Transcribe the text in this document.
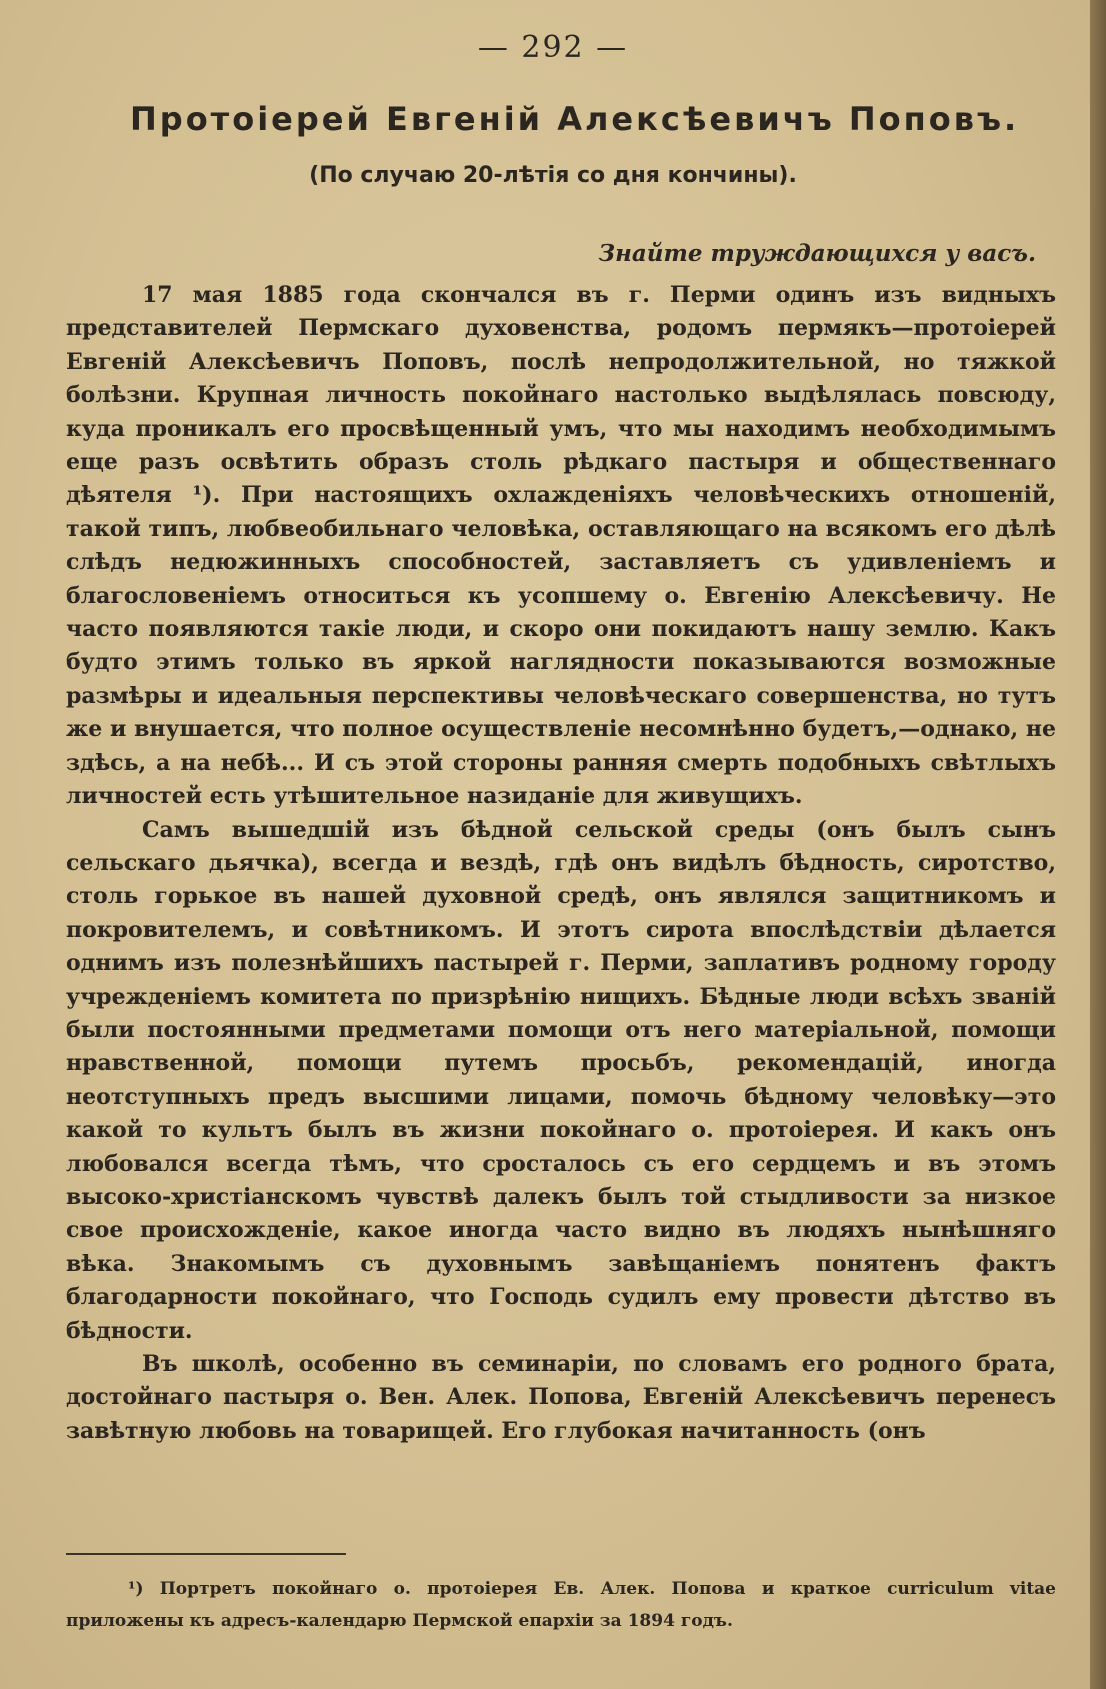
— 292 —
Протоіерей Евгеній Алексѣевичъ Поповъ.
(По случаю 20-лѣтія со дня кончины).
Знайте труждающихся у васъ.

17 мая 1885 года скончался въ г. Перми одинъ изъ видныхъ представителей Пермскаго духовенства, родомъ пермякъ—протоіерей Евгеній Алексѣевичъ Поповъ, послѣ непродолжительной, но тяжкой болѣзни. Крупная личность покойнаго настолько выдѣлялась повсюду, куда проникалъ его просвѣщенный умъ, что мы находимъ необходимымъ еще разъ освѣтить образъ столь рѣдкаго пастыря и общественнаго дѣятеля ¹). При настоящихъ охлажденіяхъ человѣческихъ отношеній, такой типъ, любвеобильнаго человѣка, оставляющаго на всякомъ его дѣлѣ слѣдъ недюжинныхъ способностей, заставляетъ съ удивленіемъ и благословеніемъ относиться къ усопшему о. Евгенію Алексѣевичу. Не часто появляются такіе люди, и скоро они покидаютъ нашу землю. Какъ будто этимъ только въ яркой наглядности показываются возможные размѣры и идеальныя перспективы человѣческаго совершенства, но тутъ же и внушается, что полное осуществленіе несомнѣнно будетъ,—однако, не здѣсь, а на небѣ... И съ этой стороны ранняя смерть подобныхъ свѣтлыхъ личностей есть утѣшительное назиданіе для живущихъ.

Самъ вышедшій изъ бѣдной сельской среды (онъ былъ сынъ сельскаго дьячка), всегда и вездѣ, гдѣ онъ видѣлъ бѣдность, сиротство, столь горькое въ нашей духовной средѣ, онъ являлся защитникомъ и покровителемъ, и совѣтникомъ. И этотъ сирота впослѣдствіи дѣлается однимъ изъ полезнѣйшихъ пастырей г. Перми, заплативъ родному городу учрежденіемъ комитета по призрѣнію нищихъ. Бѣдные люди всѣхъ званій были постоянными предметами помощи отъ него матеріальной, помощи нравственной, помощи путемъ просьбъ, рекомендацій, иногда неотступныхъ предъ высшими лицами, помочь бѣдному человѣку—это какой то культъ былъ въ жизни покойнаго о. протоіерея. И какъ онъ любовался всегда тѣмъ, что сросталось съ его сердцемъ и въ этомъ высоко-христіанскомъ чувствѣ далекъ былъ той стыдливости за низкое свое происхожденіе, какое иногда часто видно въ людяхъ нынѣшняго вѣка. Знакомымъ съ духовнымъ завѣщаніемъ понятенъ фактъ благодарности покойнаго, что Господь судилъ ему провести дѣтство въ бѣдности.

Въ школѣ, особенно въ семинаріи, по словамъ его родного брата, достойнаго пастыря о. Вен. Алек. Попова, Евгеній Алексѣевичъ перенесъ завѣтную любовь на товарищей. Его глубокая начитанность (онъ

¹) Портретъ покойнаго о. протоіерея Ев. Алек. Попова и краткое curriculum vitae приложены къ адресъ-календарю Пермской епархіи за 1894 годъ.
